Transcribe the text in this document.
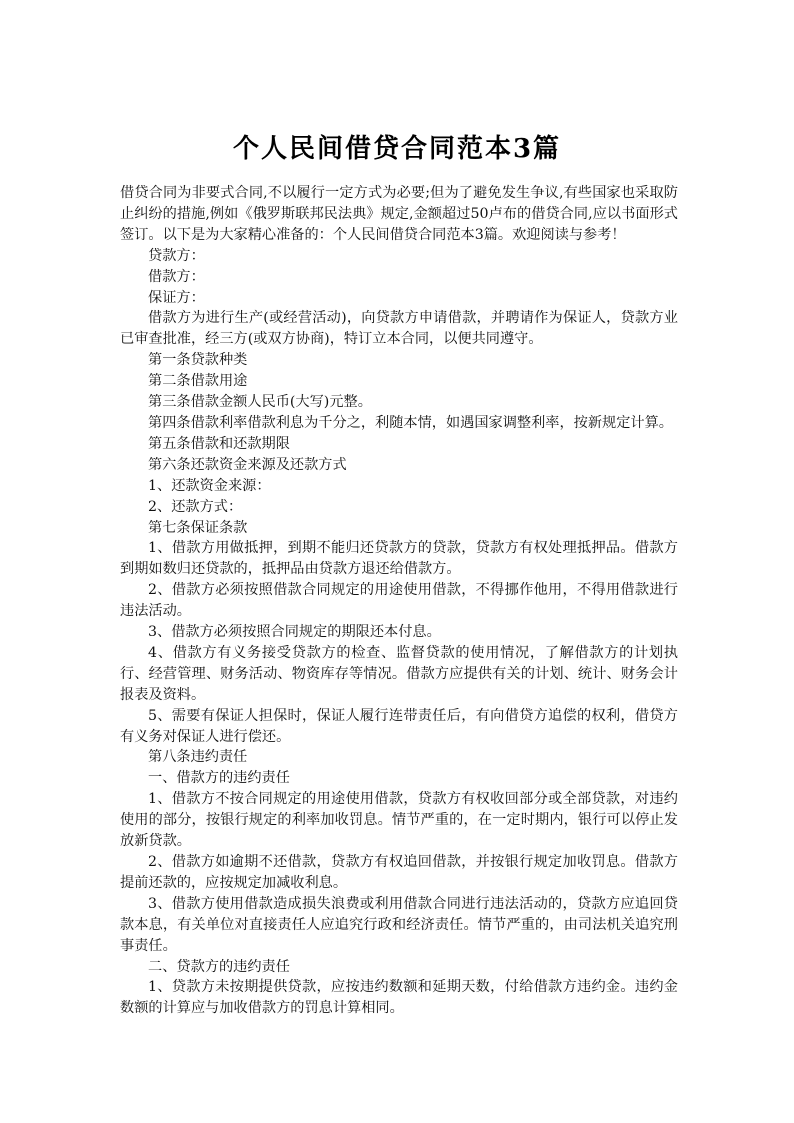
个人民间借贷合同范本3篇

借贷合同为非要式合同,不以履行一定方式为必要;但为了避免发生争议,有些国家也采取防止纠纷的措施,例如《俄罗斯联邦民法典》规定,金额超过50卢布的借贷合同,应以书面形式签订。以下是为大家精心准备的：个人民间借贷合同范本3篇。欢迎阅读与参考！

贷款方：

借款方：

保证方：

借款方为进行生产(或经营活动)，向贷款方申请借款，并聘请作为保证人，贷款方业已审查批准，经三方(或双方协商)，特订立本合同，以便共同遵守。

第一条贷款种类

第二条借款用途

第三条借款金额人民币(大写)元整。

第四条借款利率借款利息为千分之，利随本情，如遇国家调整利率，按新规定计算。

第五条借款和还款期限

第六条还款资金来源及还款方式

1、还款资金来源：

2、还款方式：

第七条保证条款

1、借款方用做抵押，到期不能归还贷款方的贷款，贷款方有权处理抵押品。借款方到期如数归还贷款的，抵押品由贷款方退还给借款方。

2、借款方必须按照借款合同规定的用途使用借款，不得挪作他用，不得用借款进行违法活动。

3、借款方必须按照合同规定的期限还本付息。

4、借款方有义务接受贷款方的检查、监督贷款的使用情况，了解借款方的计划执行、经营管理、财务活动、物资库存等情况。借款方应提供有关的计划、统计、财务会计报表及资料。

5、需要有保证人担保时，保证人履行连带责任后，有向借贷方追偿的权利，借贷方有义务对保证人进行偿还。

第八条违约责任

一、借款方的违约责任

1、借款方不按合同规定的用途使用借款，贷款方有权收回部分或全部贷款，对违约使用的部分，按银行规定的利率加收罚息。情节严重的，在一定时期内，银行可以停止发放新贷款。

2、借款方如逾期不还借款，贷款方有权追回借款，并按银行规定加收罚息。借款方提前还款的，应按规定加减收利息。

3、借款方使用借款造成损失浪费或利用借款合同进行违法活动的，贷款方应追回贷款本息，有关单位对直接责任人应追究行政和经济责任。情节严重的，由司法机关追究刑事责任。

二、贷款方的违约责任

1、贷款方未按期提供贷款，应按违约数额和延期天数，付给借款方违约金。违约金数额的计算应与加收借款方的罚息计算相同。
